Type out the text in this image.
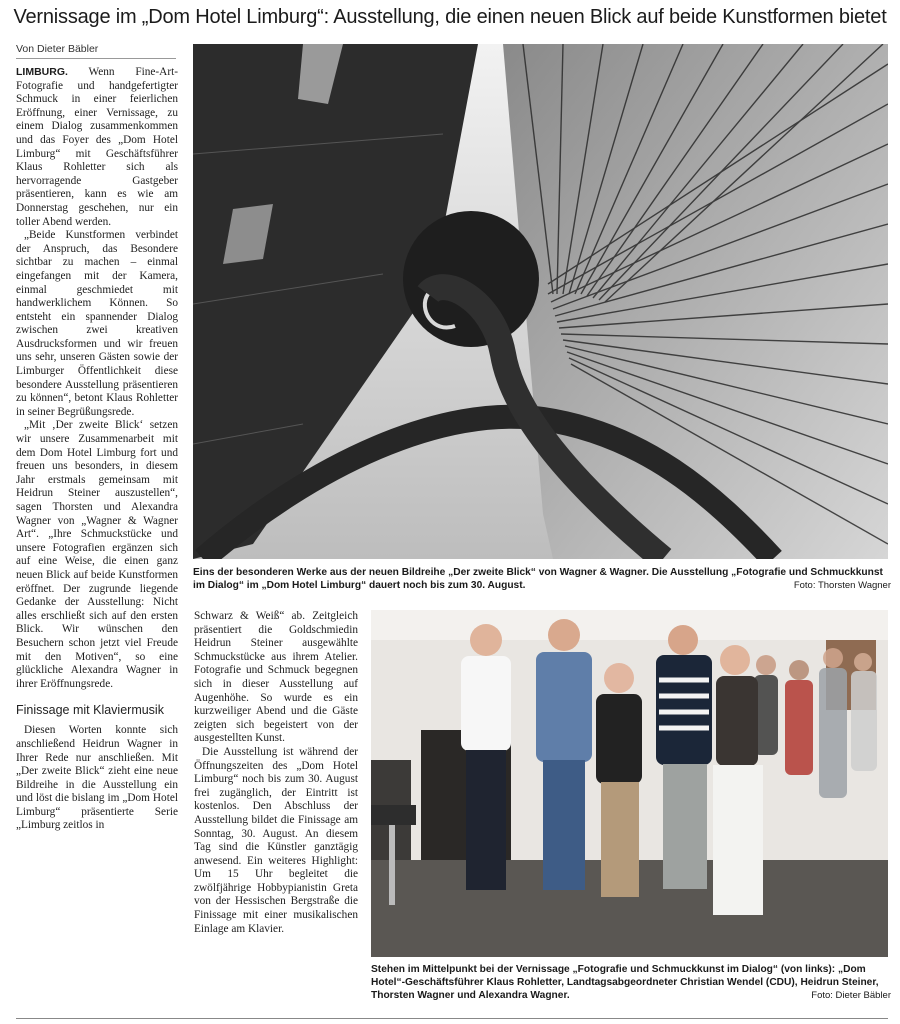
Vernissage im „Dom Hotel Limburg“: Ausstellung, die einen neuen Blick auf beide Kunstformen bietet
Von Dieter Bäbler

LIMBURG. Wenn Fine-Art-Fotografie und handgefertigter Schmuck in einer feierlichen Eröffnung, einer Vernissage, zu einem Dialog zusammenkommen und das Foyer des „Dom Hotel Limburg“ mit Geschäftsführer Klaus Rohletter sich als hervorragende Gastgeber präsentieren, kann es wie am Donnerstag geschehen, nur ein toller Abend werden.

„Beide Kunstformen verbindet der Anspruch, das Besondere sichtbar zu machen – einmal eingefangen mit der Kamera, einmal geschmiedet mit handwerklichem Können. So entsteht ein spannender Dialog zwischen zwei kreativen Ausdrucksformen und wir freuen uns sehr, unseren Gästen sowie der Limburger Öffentlichkeit diese besondere Ausstellung präsentieren zu können“, betont Klaus Rohletter in seiner Begrüßungsrede.

„Mit ‚Der zweite Blick‘ setzen wir unsere Zusammenarbeit mit dem Dom Hotel Limburg fort und freuen uns besonders, in diesem Jahr erstmals gemeinsam mit Heidrun Steiner auszustellen“, sagen Thorsten und Alexandra Wagner von „Wagner & Wagner Art“. „Ihre Schmuckstücke und unsere Fotografien ergänzen sich auf eine Weise, die einen ganz neuen Blick auf beide Kunstformen eröffnet. Der zugrunde liegende Gedanke der Ausstellung: Nicht alles erschließt sich auf den ersten Blick. Wir wünschen den Besuchern schon jetzt viel Freude mit den Motiven“, so eine glückliche Alexandra Wagner in ihrer Eröffnungsrede.

Finissage mit Klaviermusik

Diesen Worten konnte sich anschließend Heidrun Wagner in Ihrer Rede nur anschließen. Mit „Der zweite Blick“ zieht eine neue Bildreihe in die Ausstellung ein und löst die bislang im „Dom Hotel Limburg“ präsentierte Serie „Limburg zeitlos in

Eins der besonderen Werke aus der neuen Bildreihe „Der zweite Blick“ von Wagner & Wagner. Die Ausstellung „Fotografie und Schmuckkunst im Dialog“ im „Dom Hotel Limburg“ dauert noch bis zum 30. August.	Foto: Thorsten Wagner

Schwarz & Weiß“ ab. Zeitgleich präsentiert die Goldschmiedin Heidrun Steiner ausgewählte Schmuckstücke aus ihrem Atelier. Fotografie und Schmuck begegnen sich in dieser Ausstellung auf Augenhöhe. So wurde es ein kurzweiliger Abend und die Gäste zeigten sich begeistert von der ausgestellten Kunst.

Die Ausstellung ist während der Öffnungszeiten des „Dom Hotel Limburg“ noch bis zum 30. August frei zugänglich, der Eintritt ist kostenlos. Den Abschluss der Ausstellung bildet die Finissage am Sonntag, 30. August. An diesem Tag sind die Künstler ganztägig anwesend. Ein weiteres Highlight: Um 15 Uhr begleitet die zwölfjährige Hobbypianistin Greta von der Hessischen Bergstraße die Finissage mit einer musikalischen Einlage am Klavier.

Stehen im Mittelpunkt bei der Vernissage „Fotografie und Schmuckkunst im Dialog“ (von links): „Dom Hotel“-Geschäftsführer Klaus Rohletter, Landtagsabgeordneter Christian Wendel (CDU), Heidrun Steiner, Thorsten Wagner und Alexandra Wagner.	Foto: Dieter Bäbler
